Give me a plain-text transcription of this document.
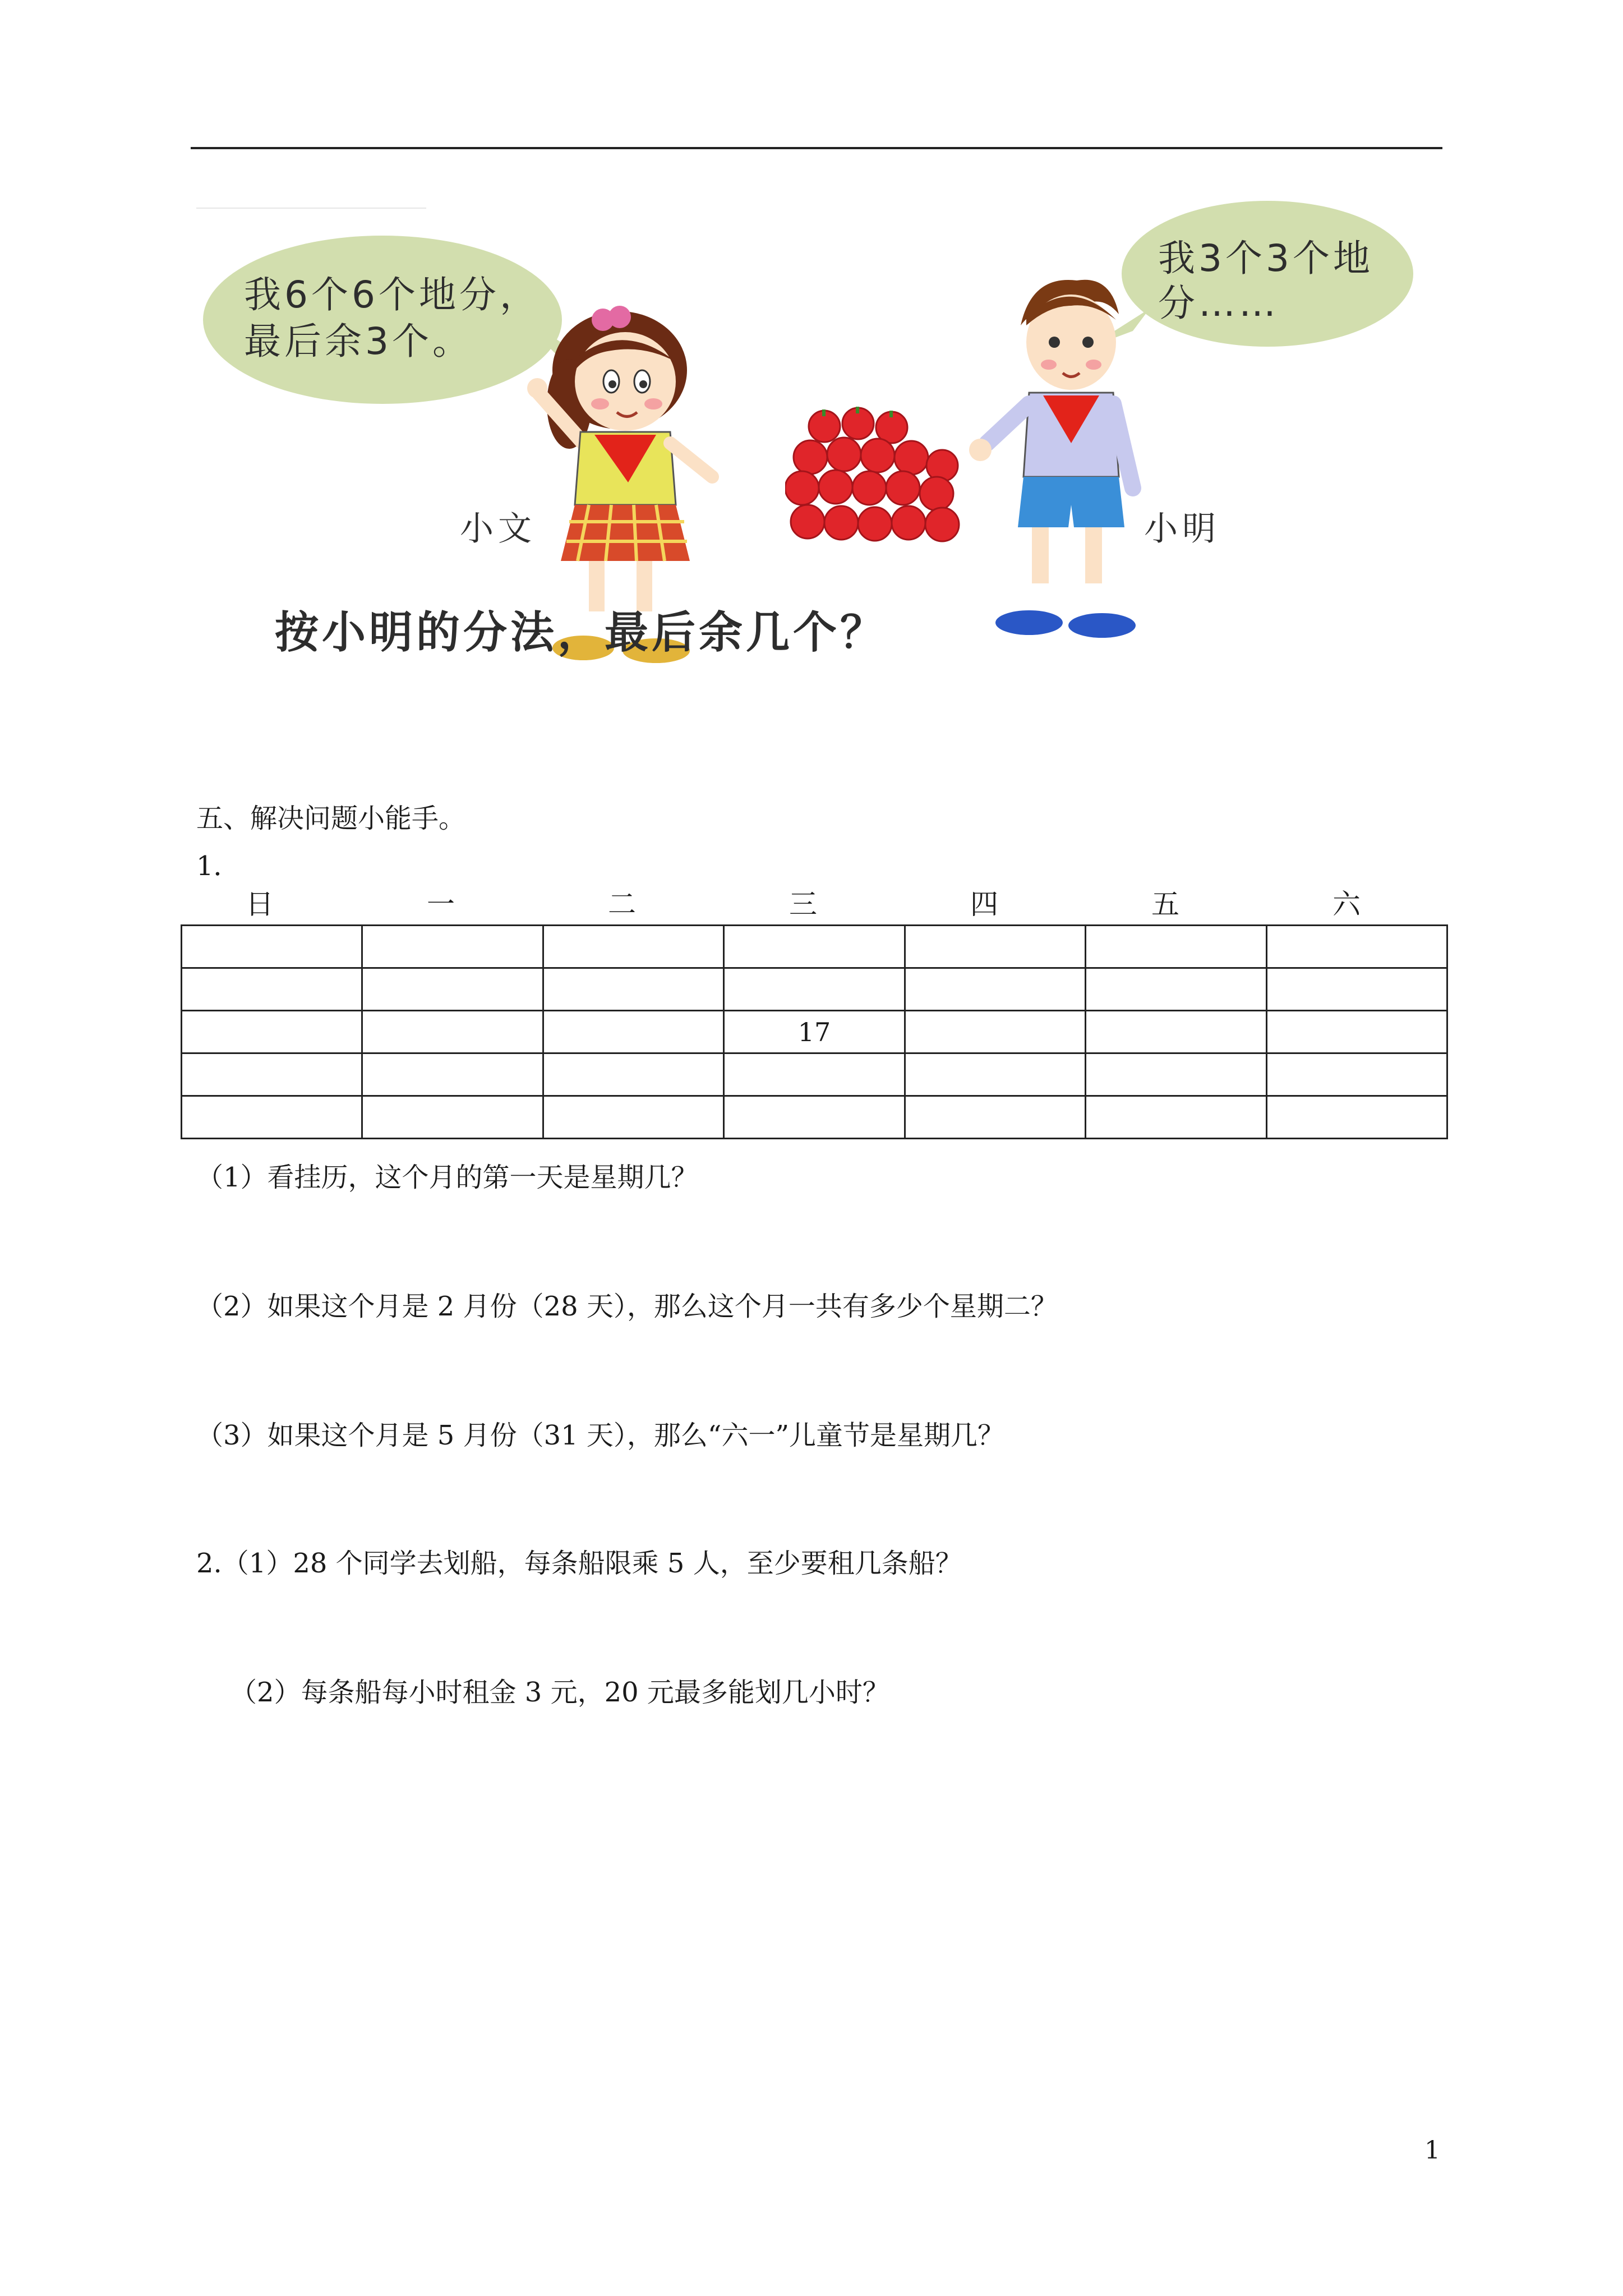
我6个6个地分，
最后余3个。
我3个3个地
分……
小文	小明
按小明的分法，最后余几个？
五、解决问题小能手。
1．
日	一	二	三	四	五	六

			17			

（1）看挂历，这个月的第一天是星期几？
（2）如果这个月是 2 月份（28 天），那么这个月一共有多少个星期二？
（3）如果这个月是 5 月份（31 天），那么“六一”儿童节是星期几？
2.（1）28 个同学去划船，每条船限乘 5 人，至少要租几条船？
（2）每条船每小时租金 3 元，20 元最多能划几小时？
1
